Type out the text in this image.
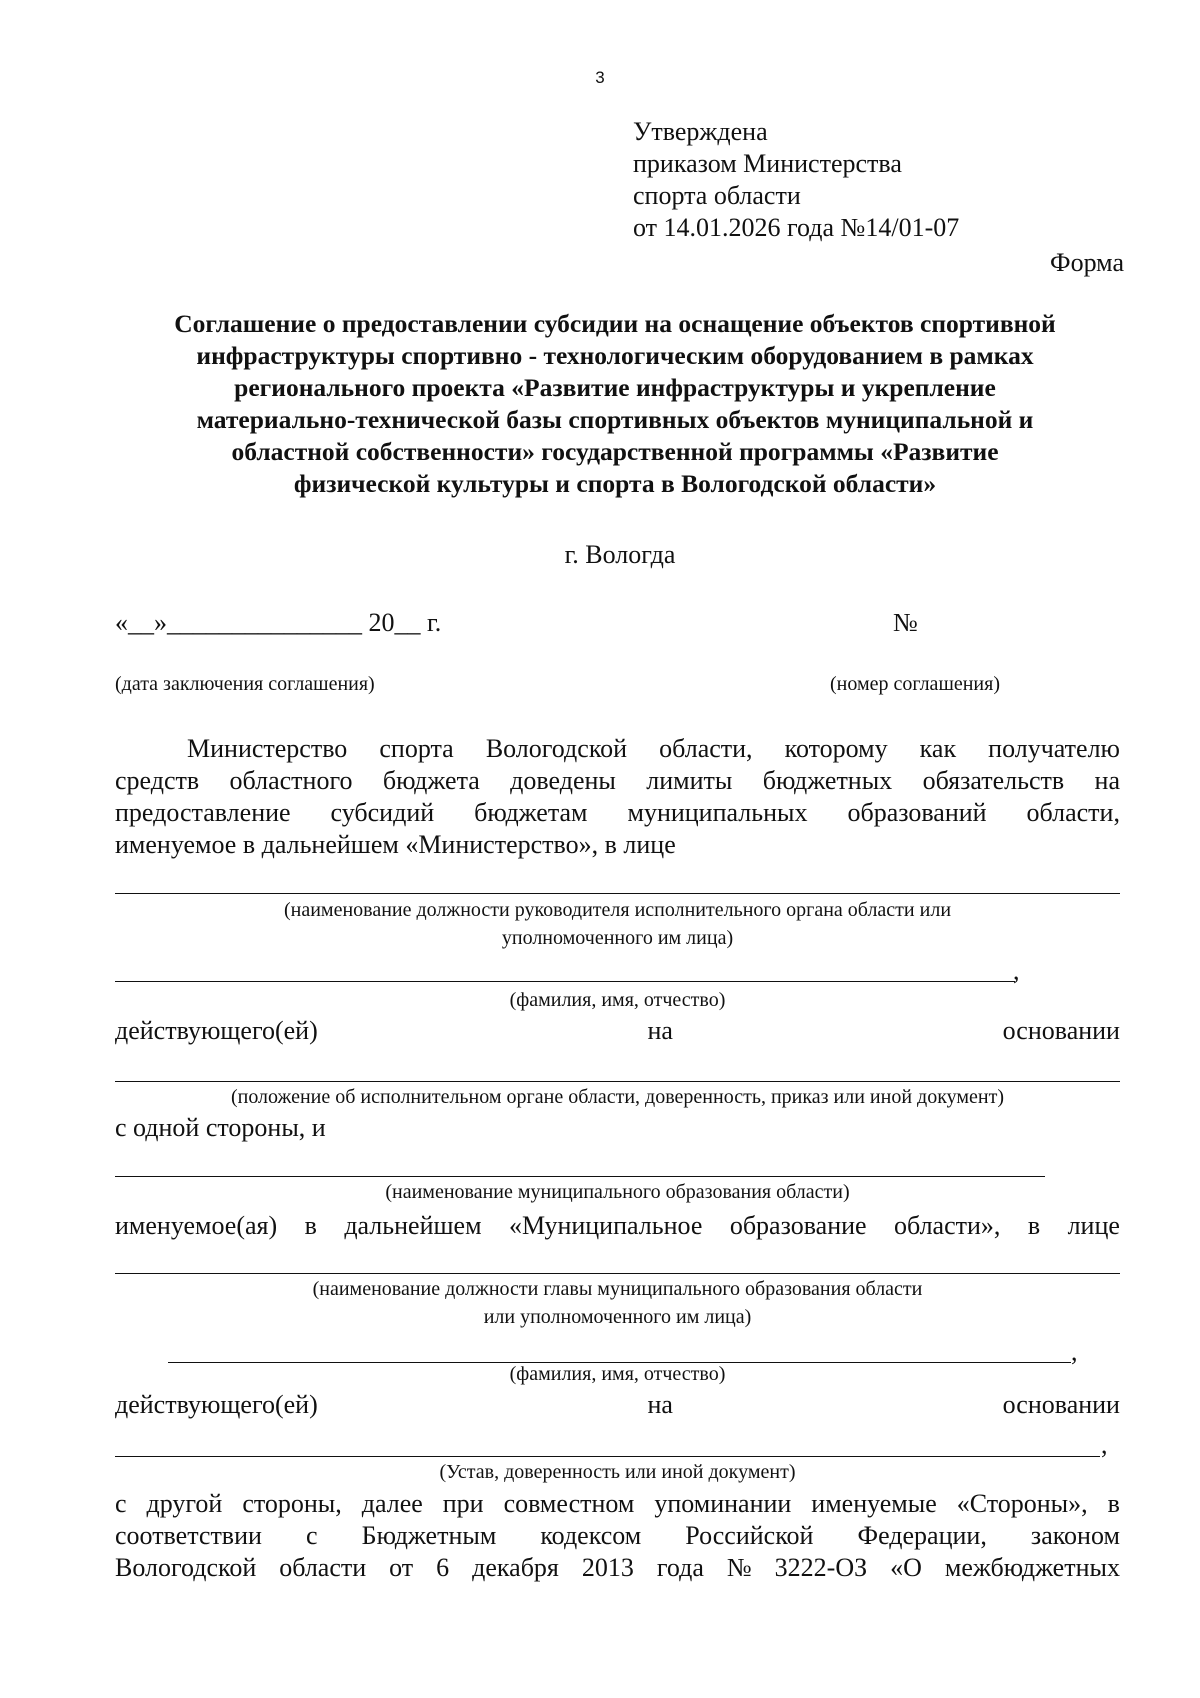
3
Утверждена
приказом Министерства
спорта области
от 14.01.2026 года №14/01-07
Форма
Соглашение о предоставлении субсидии на оснащение объектов спортивной
инфраструктуры спортивно - технологическим оборудованием в рамках
регионального проекта «Развитие инфраструктуры и укрепление
материально-технической базы спортивных объектов муниципальной и
областной собственности» государственной программы «Развитие
физической культуры и спорта в Вологодской области»
г. Вологда
«__»_______________ 20__ г.	№
(дата заключения соглашения)	(номер соглашения)
Министерство спорта Вологодской области, которому как получателю
средств областного бюджета доведены лимиты бюджетных обязательств на
предоставление субсидий бюджетам муниципальных образований области,
именуемое в дальнейшем «Министерство», в лице
(наименование должности руководителя исполнительного органа области или
уполномоченного им лица)
,
(фамилия, имя, отчество)
действующего(ей)	на	основании
(положение об исполнительном органе области, доверенность, приказ или иной документ)
с одной стороны, и
(наименование муниципального образования области)
именуемое(ая) в дальнейшем «Муниципальное образование области», в лице
(наименование должности главы муниципального образования области
или уполномоченного им лица)
,
(фамилия, имя, отчество)
действующего(ей)	на	основании
,
(Устав, доверенность или иной документ)
с другой стороны, далее при совместном упоминании именуемые «Стороны», в
соответствии с Бюджетным кодексом Российской Федерации, законом
Вологодской области от 6 декабря 2013 года № 3222-ОЗ «О межбюджетных
